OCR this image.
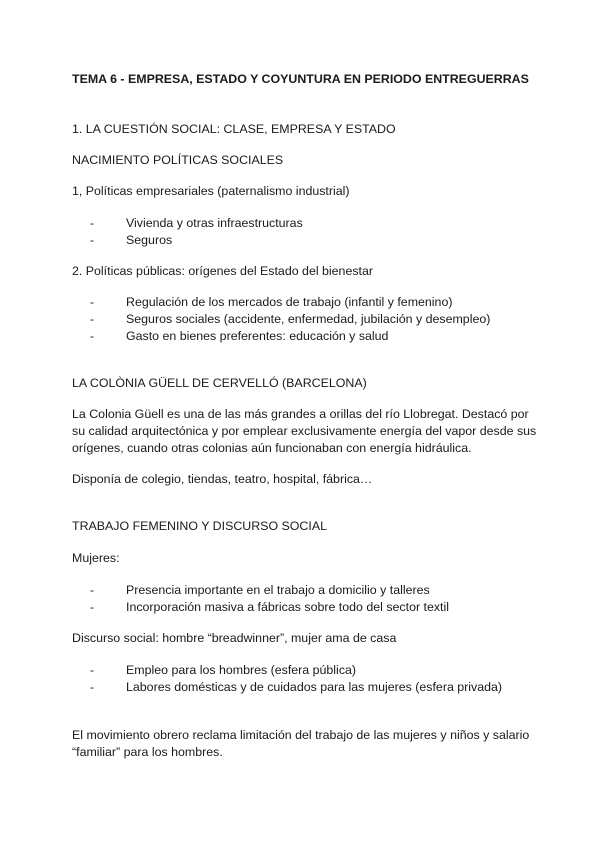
TEMA 6 - EMPRESA, ESTADO Y COYUNTURA EN PERIODO ENTREGUERRAS

1. LA CUESTIÓN SOCIAL: CLASE, EMPRESA Y ESTADO

NACIMIENTO POLÍTICAS SOCIALES

1, Políticas empresariales (paternalismo industrial)

-	Vivienda y otras infraestructuras
-	Seguros

2. Políticas públicas: orígenes del Estado del bienestar

-	Regulación de los mercados de trabajo (infantil y femenino)
-	Seguros sociales (accidente, enfermedad, jubilación y desempleo)
-	Gasto en bienes preferentes: educación y salud

LA COLÒNIA GÜELL DE CERVELLÓ (BARCELONA)

La Colonia Güell es una de las más grandes a orillas del río Llobregat. Destacó por

su calidad arquitectónica y por emplear exclusivamente energía del vapor desde sus

orígenes, cuando otras colonias aún funcionaban con energía hidráulica.

Disponía de colegio, tiendas, teatro, hospital, fábrica…

TRABAJO FEMENINO Y DISCURSO SOCIAL

Mujeres:

-	Presencia importante en el trabajo a domicilio y talleres
-	Incorporación masiva a fábricas sobre todo del sector textil

Discurso social: hombre “breadwinner”, mujer ama de casa

-	Empleo para los hombres (esfera pública)
-	Labores domésticas y de cuidados para las mujeres (esfera privada)

El movimiento obrero reclama limitación del trabajo de las mujeres y niños y salario

“familiar” para los hombres.
